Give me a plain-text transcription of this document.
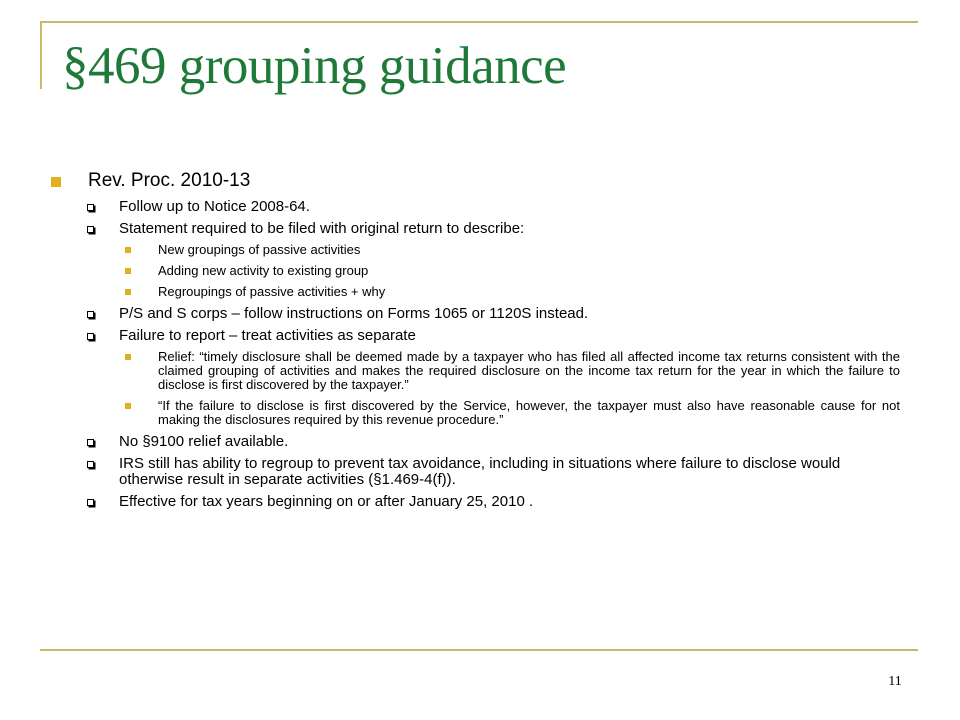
§469 grouping guidance
Rev. Proc. 2010-13
Follow up to Notice 2008-64.
Statement required to be filed with original return to describe:
New groupings of passive activities
Adding new activity to existing group
Regroupings of passive activities + why
P/S and S corps – follow instructions on Forms 1065 or 1120S instead.
Failure to report – treat activities as separate
Relief: “timely disclosure shall be deemed made by a taxpayer who has filed all affected income tax returns consistent with the claimed grouping of activities and makes the required disclosure on the income tax return for the year in which the failure to disclose is first discovered by the taxpayer.”
“If the failure to disclose is first discovered by the Service, however, the taxpayer must also have reasonable cause for not making the disclosures required by this revenue procedure.”
No §9100 relief available.
IRS still has ability to regroup to prevent tax avoidance, including in situations where failure to disclose would otherwise result in separate activities (§1.469-4(f)).
Effective for tax years beginning on or after January 25, 2010 .
11
